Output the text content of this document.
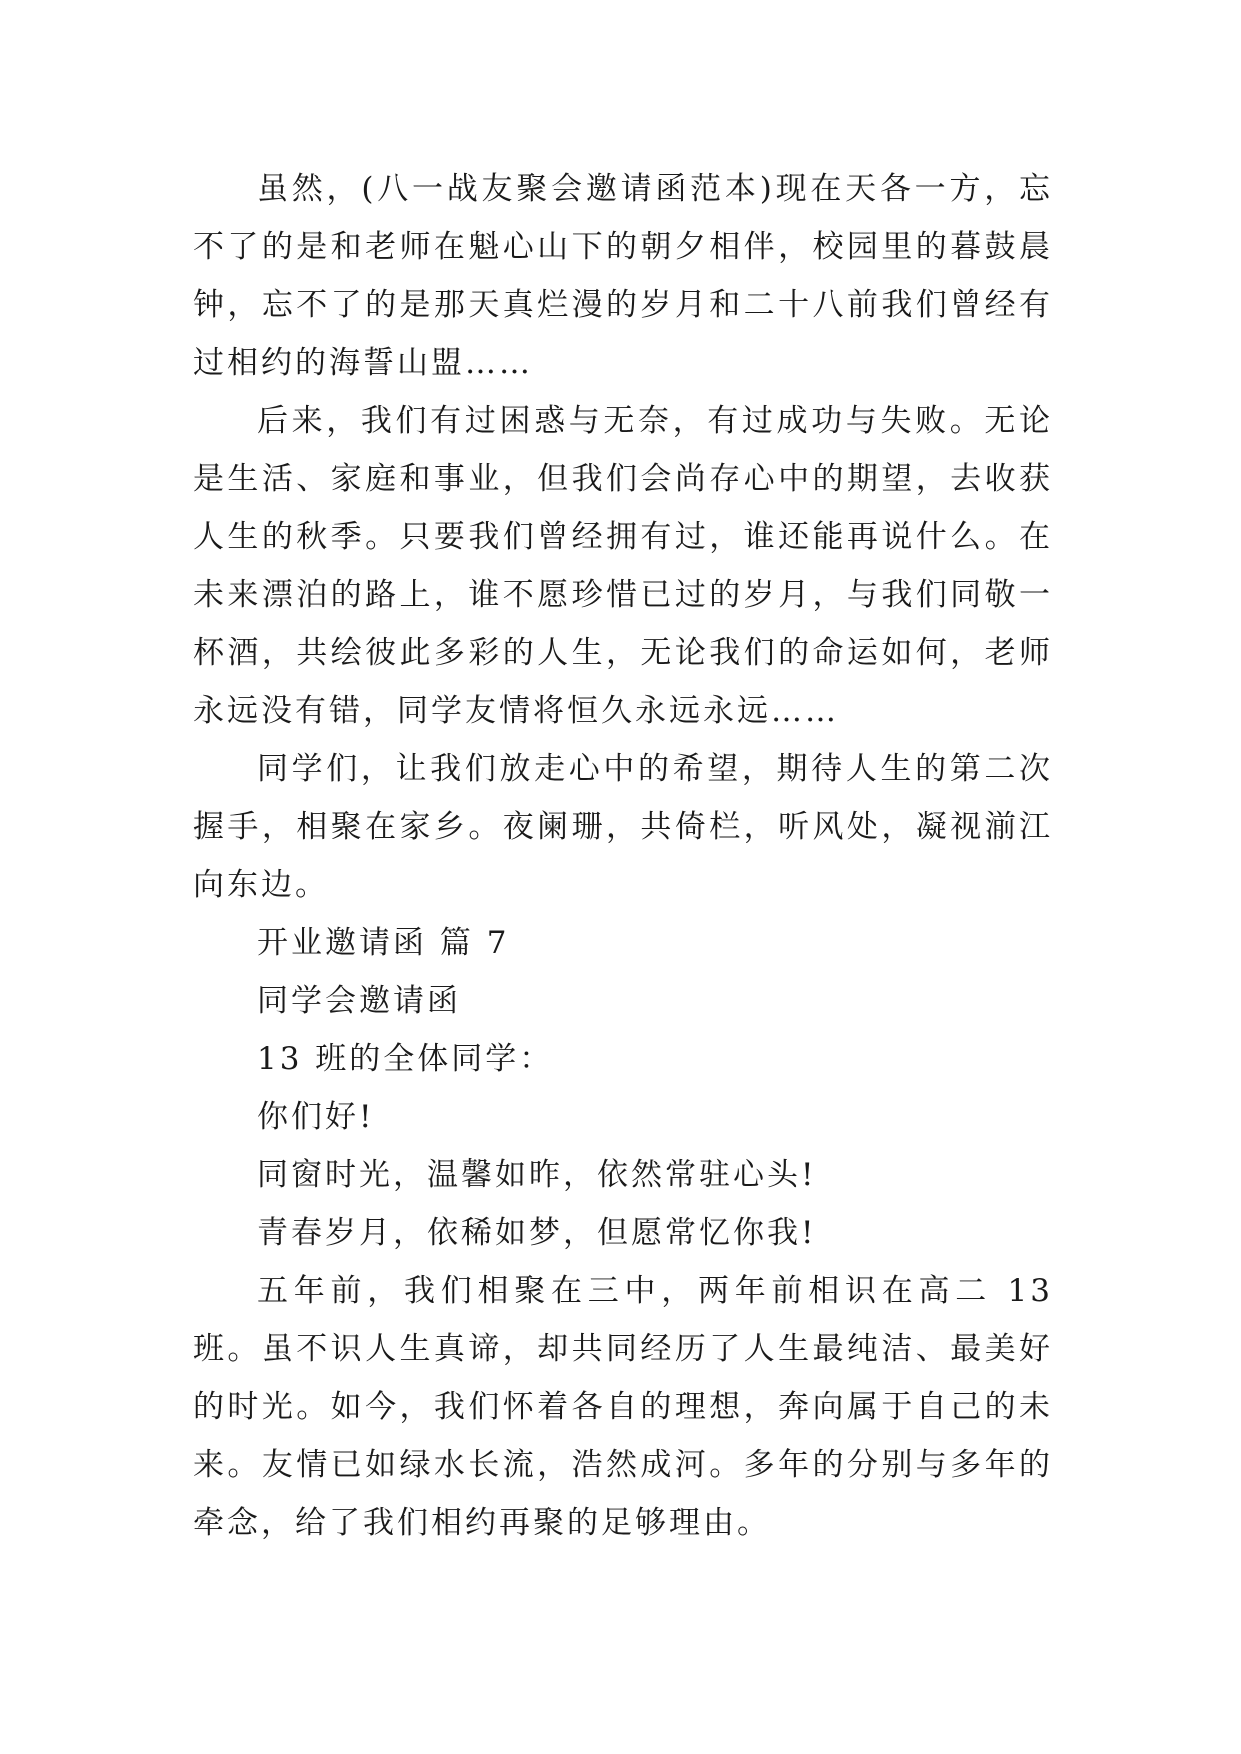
虽然，(八一战友聚会邀请函范本)现在天各一方，忘不了的是和老师在魁心山下的朝夕相伴，校园里的暮鼓晨钟，忘不了的是那天真烂漫的岁月和二十八前我们曾经有过相约的海誓山盟……

后来，我们有过困惑与无奈，有过成功与失败。无论是生活、家庭和事业，但我们会尚存心中的期望，去收获人生的秋季。只要我们曾经拥有过，谁还能再说什么。在未来漂泊的路上，谁不愿珍惜已过的岁月，与我们同敬一杯酒，共绘彼此多彩的人生，无论我们的命运如何，老师永远没有错，同学友情将恒久永远永远……

同学们，让我们放走心中的希望，期待人生的第二次握手，相聚在家乡。夜阑珊，共倚栏，听风处，凝视湔江向东边。

开业邀请函 篇 7

同学会邀请函

13 班的全体同学：

你们好!

同窗时光，温馨如昨，依然常驻心头!

青春岁月，依稀如梦，但愿常忆你我!

五年前，我们相聚在三中，两年前相识在高二 13 班。虽不识人生真谛，却共同经历了人生最纯洁、最美好的时光。如今，我们怀着各自的理想，奔向属于自己的未来。友情已如绿水长流，浩然成河。多年的分别与多年的牵念，给了我们相约再聚的足够理由。
